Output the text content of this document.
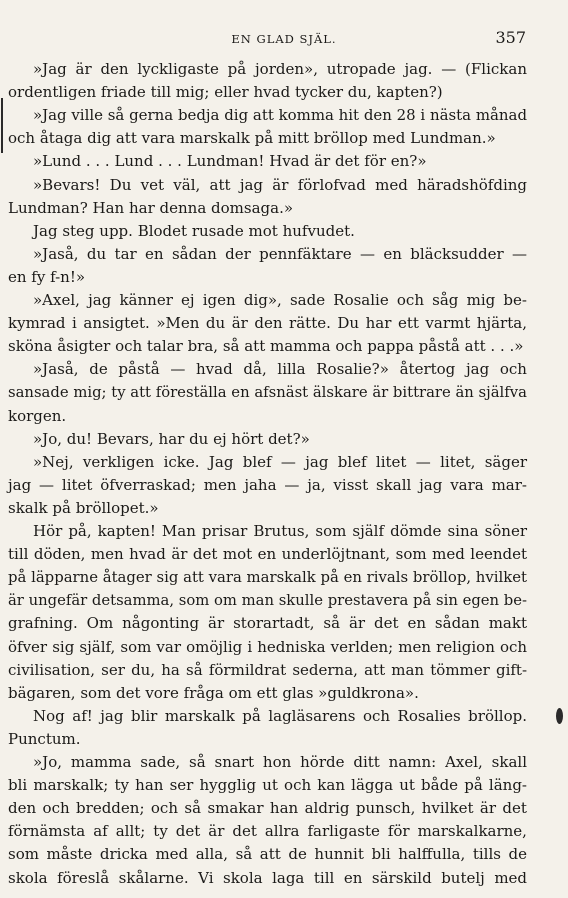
EN GLAD SJÄL.	357
»Jag är den lyckligaste på jorden», utropade jag. — (Flickan
ordentligen friade till mig; eller hvad tycker du, kapten?)
»Jag ville så gerna bedja dig att komma hit den 28 i nästa månad
och åtaga dig att vara marskalk på mitt bröllop med Lundman.»
»Lund . . . Lund . . . Lundman! Hvad är det för en?»
»Bevars! Du vet väl, att jag är förlofvad med häradshöfding
Lundman? Han har denna domsaga.»
Jag steg upp. Blodet rusade mot hufvudet.
»Jaså, du tar en sådan der pennfäktare — en bläcksudder —
en fy f-n!»
»Axel, jag känner ej igen dig», sade Rosalie och såg mig be-
kymrad i ansigtet. »Men du är den rätte. Du har ett varmt hjärta,
sköna åsigter och talar bra, så att mamma och pappa påstå att . . .»
»Jaså, de påstå — hvad då, lilla Rosalie?» återtog jag och
sansade mig; ty att föreställa en afsnäst älskare är bittrare än själfva
korgen.
»Jo, du! Bevars, har du ej hört det?»
»Nej, verkligen icke. Jag blef — jag blef litet — litet, säger
jag — litet öfverraskad; men jaha — ja, visst skall jag vara mar-
skalk på bröllopet.»
Hör på, kapten! Man prisar Brutus, som själf dömde sina söner
till döden, men hvad är det mot en underlöjtnant, som med leendet
på läpparne åtager sig att vara marskalk på en rivals bröllop, hvilket
är ungefär detsamma, som om man skulle prestavera på sin egen be-
grafning. Om någonting är storartadt, så är det en sådan makt
öfver sig själf, som var omöjlig i hedniska verlden; men religion och
civilisation, ser du, ha så förmildrat sederna, att man tömmer gift-
bägaren, som det vore fråga om ett glas »guldkrona».
Nog af! jag blir marskalk på lagläsarens och Rosalies bröllop.
Punctum.
»Jo, mamma sade, så snart hon hörde ditt namn: Axel, skall
bli marskalk; ty han ser hygglig ut och kan lägga ut både på läng-
den och bredden; och så smakar han aldrig punsch, hvilket är det
förnämsta af allt; ty det är det allra farligaste för marskalkarne,
som måste dricka med alla, så att de hunnit bli halffulla, tills de
skola föreslå skålarne. Vi skola laga till en särskild butelj med
